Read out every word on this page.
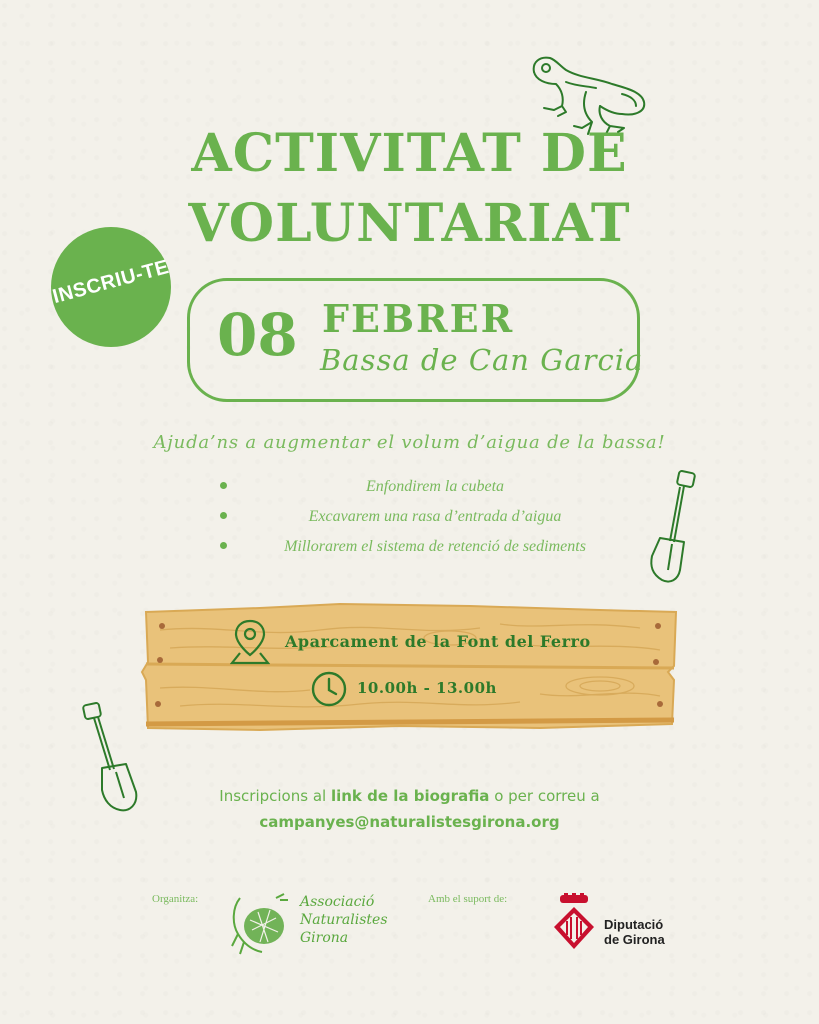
ACTIVITAT DE
VOLUNTARIAT
INSCRIU-TE
08 FEBRER
Bassa de Can Garcia
Ajuda’ns a augmentar el volum d’aigua de la bassa!
Enfondirem la cubeta
Excavarem una rasa d’entrada d’aigua
Millorarem el sistema de retenció de sediments
Aparcament de la Font del Ferro
10.00h - 13.00h
Inscripcions al link de la biografia o per correu a
campanyes@naturalistesgirona.org
Organitza:	Associació
Naturalistes
Girona
Amb el suport de:
Diputació
de Girona
